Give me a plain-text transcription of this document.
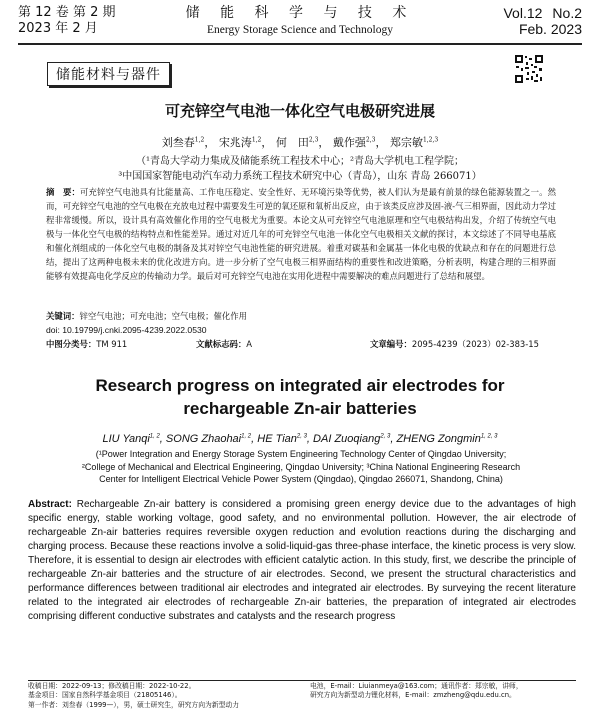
第 12 卷 第 2 期
2023 年 2 月
储 能 科 学 与 技 术
Energy Storage Science and Technology
Vol.12 No.2
Feb. 2023
储能材料与器件
可充锌空气电池一体化空气电极研究进展
刘叁春$^{1,2}$， 宋兆涛$^{1,2}$， 何　田$^{2,3}$， 戴作强$^{2,3}$， 郑宗敏$^{1,2,3}$
（¹青岛大学动力集成及储能系统工程技术中心；²青岛大学机电工程学院；
³中国国家智能电动汽车动力系统工程技术研究中心（青岛），山东 青岛 266071）
摘　要：可充锌空气电池具有比能量高、工作电压稳定、安全性好、无环境污染等优势，被人们认为是最有前景的绿色能源装置之一。然而，可充锌空气电池的空气电极在充放电过程中需要发生可逆的氧还原和氧析出反应，由于该类反应涉及固-液-气三相界面，因此动力学过程非常缓慢。所以，设计具有高效催化作用的空气电极尤为重要。本论文从可充锌空气电池原理和空气电极结构出发，介绍了传统空气电极与一体化空气电极的结构特点和性能差异。通过对近几年的可充锌空气电池一体化空气电极相关文献的探讨，本文综述了不同导电基底和催化剂组成的一体化空气电极的制备及其对锌空气电池性能的研究进展。着重对碳基和金属基一体化电极的优缺点和存在的问题进行总结，提出了这两种电极未来的优化改进方向。进一步分析了空气电极三相界面结构的重要性和改进策略，分析表明，构建合理的三相界面能够有效提高电化学反应的传输动力学。最后对可充锌空气电池在实用化进程中需要解决的难点问题进行了总结和展望。
关键词：锌空气电池；可充电池；空气电极；催化作用
doi: 10.19799/j.cnki.2095-4239.2022.0530
中图分类号：TM 911	文献标志码：A	文章编号：2095-4239（2023）02-383-15
Research progress on integrated air electrodes for
rechargeable Zn-air batteries
LIU Yanqi$^{1, 2}$, SONG Zhaohai$^{1, 2}$, HE Tian$^{2, 3}$, DAI Zuoqiang$^{2, 3}$, ZHENG Zongmin$^{1, 2, 3}$
(¹Power Integration and Energy Storage System Engineering Technology Center of Qingdao University;
²College of Mechanical and Electrical Engineering, Qingdao University; ³China National Engineering Research
Center for Intelligent Electrical Vehicle Power System (Qingdao), Qingdao 266071, Shandong, China)
Abstract: Rechargeable Zn-air battery is considered a promising green energy device due to the advantages of high specific energy, stable working voltage, good safety, and no environmental pollution. However, the air electrode of rechargeable Zn-air batteries requires reversible oxygen reduction and evolution reactions during the discharging and charging process. Because these reactions involve a solid-liquid-gas three-phase interface, the kinetic process is very slow. Therefore, it is essential to design air electrodes with efficient catalytic action. In this study, first, we describe the principle of rechargeable Zn-air batteries and the structure of air electrodes. Second, we present the structural characteristics and performance differences between traditional air electrodes and integrated air electrodes. By surveying the recent literature related to the integrated air electrodes of rechargeable Zn-air batteries, the preparation of integrated air electrodes comprising different conductive substrates and catalysts and the research progress
收稿日期：2022-09-13；修改稿日期：2022-10-22。
基金项目：国家自然科学基金项目（21805146）。
第一作者：刘叁春（1999—），男，硕士研究生，研究方向为新型动力
电池，E-mail：Liuianmeya@163.com；通讯作者：郑宗敏，讲师，
研究方向为新型动力锂化材料，E-mail：zmzheng@qdu.edu.cn。
